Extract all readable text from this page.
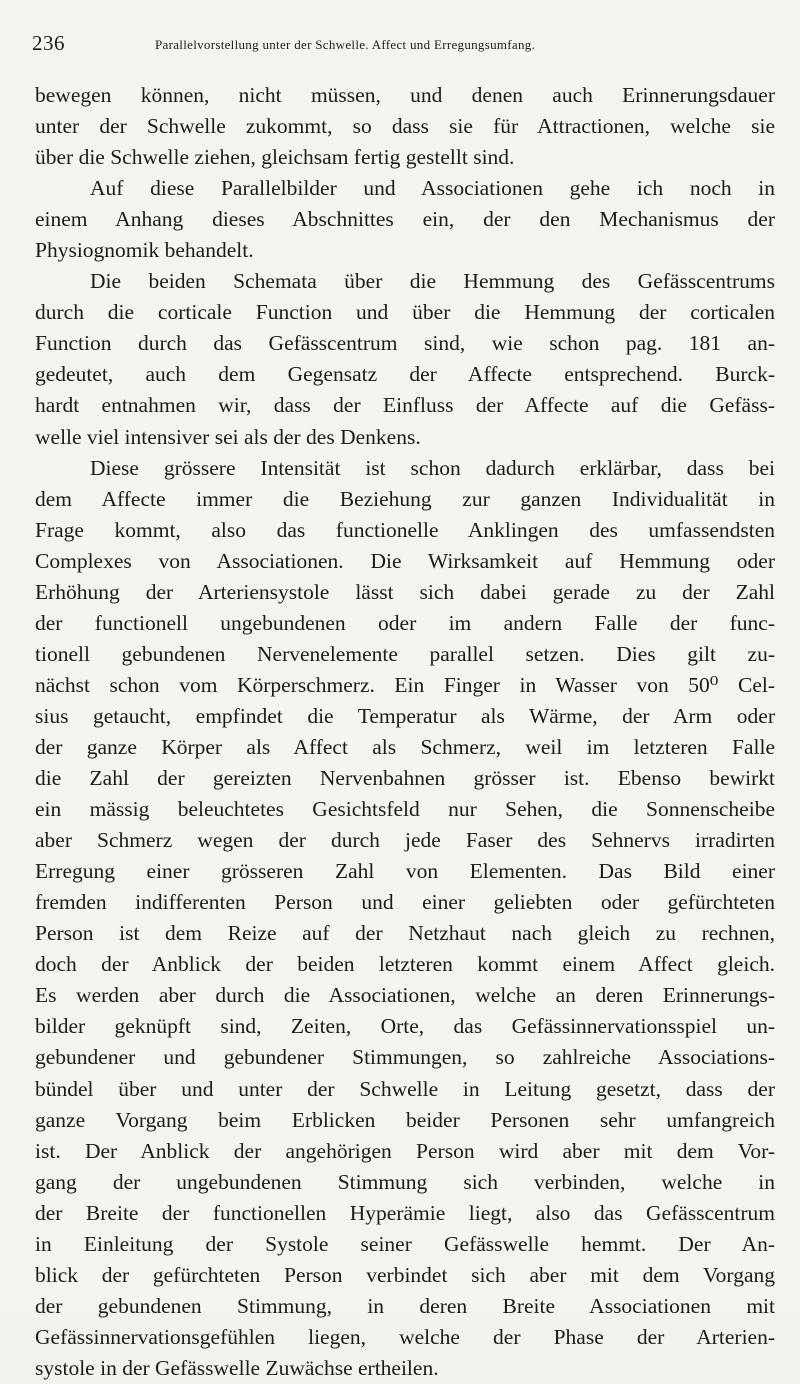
236	Parallelvorstellung unter der Schwelle. Affect und Erregungsumfang.
bewegen können, nicht müssen, und denen auch Erinnerungsdauer
unter der Schwelle zukommt, so dass sie für Attractionen, welche sie
über die Schwelle ziehen, gleichsam fertig gestellt sind.
Auf diese Parallelbilder und Associationen gehe ich noch in
einem Anhang dieses Abschnittes ein, der den Mechanismus der
Physiognomik behandelt.
Die beiden Schemata über die Hemmung des Gefässcentrums
durch die corticale Function und über die Hemmung der corticalen
Function durch das Gefässcentrum sind, wie schon pag. 181 an-
gedeutet, auch dem Gegensatz der Affecte entsprechend. Burck-
hardt entnahmen wir, dass der Einfluss der Affecte auf die Gefäss-
welle viel intensiver sei als der des Denkens.
Diese grössere Intensität ist schon dadurch erklärbar, dass bei
dem Affecte immer die Beziehung zur ganzen Individualität in
Frage kommt, also das functionelle Anklingen des umfassendsten
Complexes von Associationen. Die Wirksamkeit auf Hemmung oder
Erhöhung der Arteriensystole lässt sich dabei gerade zu der Zahl
der functionell ungebundenen oder im andern Falle der func-
tionell gebundenen Nervenelemente parallel setzen. Dies gilt zu-
nächst schon vom Körperschmerz. Ein Finger in Wasser von 50⁰ Cel-
sius getaucht, empfindet die Temperatur als Wärme, der Arm oder
der ganze Körper als Affect als Schmerz, weil im letzteren Falle
die Zahl der gereizten Nervenbahnen grösser ist. Ebenso bewirkt
ein mässig beleuchtetes Gesichtsfeld nur Sehen, die Sonnenscheibe
aber Schmerz wegen der durch jede Faser des Sehnervs irradirten
Erregung einer grösseren Zahl von Elementen. Das Bild einer
fremden indifferenten Person und einer geliebten oder gefürchteten
Person ist dem Reize auf der Netzhaut nach gleich zu rechnen,
doch der Anblick der beiden letzteren kommt einem Affect gleich.
Es werden aber durch die Associationen, welche an deren Erinnerungs-
bilder geknüpft sind, Zeiten, Orte, das Gefässinnervationsspiel un-
gebundener und gebundener Stimmungen, so zahlreiche Associations-
bündel über und unter der Schwelle in Leitung gesetzt, dass der
ganze Vorgang beim Erblicken beider Personen sehr umfangreich
ist. Der Anblick der angehörigen Person wird aber mit dem Vor-
gang der ungebundenen Stimmung sich verbinden, welche in
der Breite der functionellen Hyperämie liegt, also das Gefässcentrum
in Einleitung der Systole seiner Gefässwelle hemmt. Der An-
blick der gefürchteten Person verbindet sich aber mit dem Vorgang
der gebundenen Stimmung, in deren Breite Associationen mit
Gefässinnervationsgefühlen liegen, welche der Phase der Arterien-
systole in der Gefässwelle Zuwächse ertheilen.
